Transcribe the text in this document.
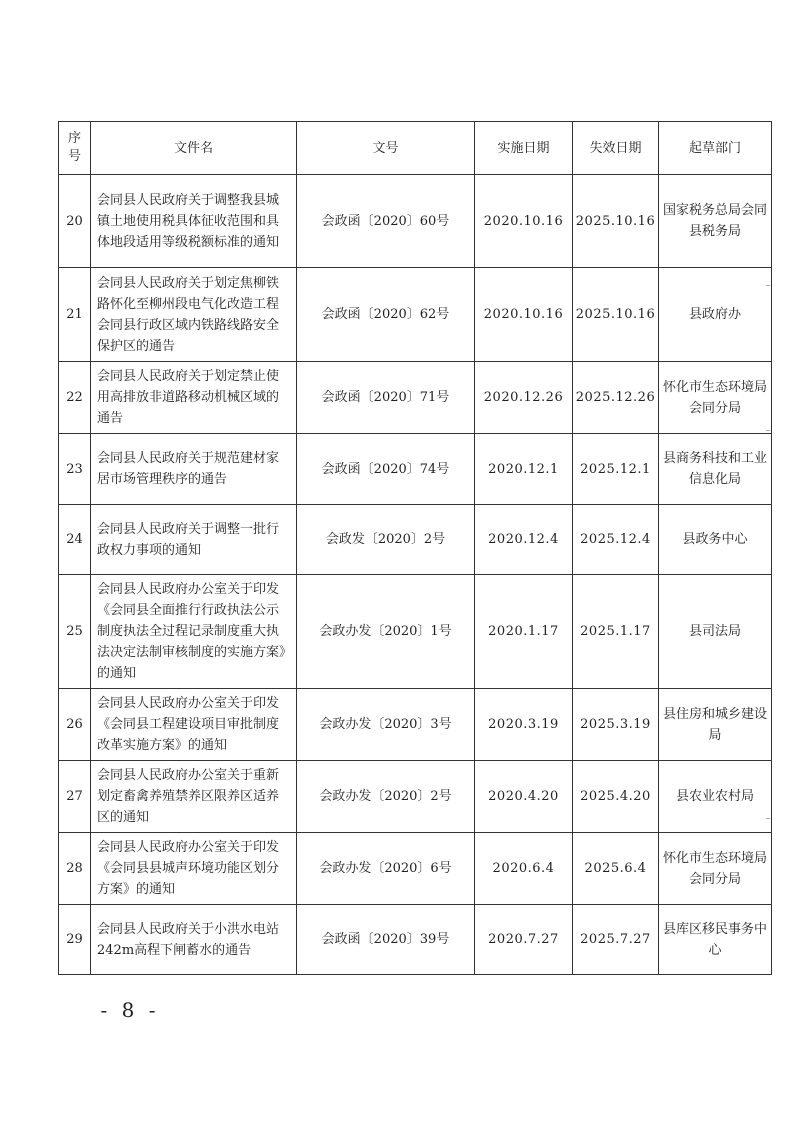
序号	文件名	文号	实施日期	失效日期	起草部门
20	会同县人民政府关于调整我县城镇土地使用税具体征收范围和具体地段适用等级税额标准的通知	会政函〔2020〕60号	2020.10.16	2025.10.16	国家税务总局会同县税务局
21	会同县人民政府关于划定焦柳铁路怀化至柳州段电气化改造工程会同县行政区域内铁路线路安全保护区的通告	会政函〔2020〕62号	2020.10.16	2025.10.16	县政府办
22	会同县人民政府关于划定禁止使用高排放非道路移动机械区域的通告	会政函〔2020〕71号	2020.12.26	2025.12.26	怀化市生态环境局会同分局
23	会同县人民政府关于规范建材家居市场管理秩序的通告	会政函〔2020〕74号	2020.12.1	2025.12.1	县商务科技和工业信息化局
24	会同县人民政府关于调整一批行政权力事项的通知	会政发〔2020〕2号	2020.12.4	2025.12.4	县政务中心
25	会同县人民政府办公室关于印发《会同县全面推行行政执法公示制度执法全过程记录制度重大执法决定法制审核制度的实施方案》的通知	会政办发〔2020〕1号	2020.1.17	2025.1.17	县司法局
26	会同县人民政府办公室关于印发《会同县工程建设项目审批制度改革实施方案》的通知	会政办发〔2020〕3号	2020.3.19	2025.3.19	县住房和城乡建设局
27	会同县人民政府办公室关于重新划定畜禽养殖禁养区限养区适养区的通知	会政办发〔2020〕2号	2020.4.20	2025.4.20	县农业农村局
28	会同县人民政府办公室关于印发《会同县县城声环境功能区划分方案》的通知	会政办发〔2020〕6号	2020.6.4	2025.6.4	怀化市生态环境局会同分局
29	会同县人民政府关于小洪水电站242m高程下闸蓄水的通告	会政函〔2020〕39号	2020.7.27	2025.7.27	县库区移民事务中心
- 8 -
